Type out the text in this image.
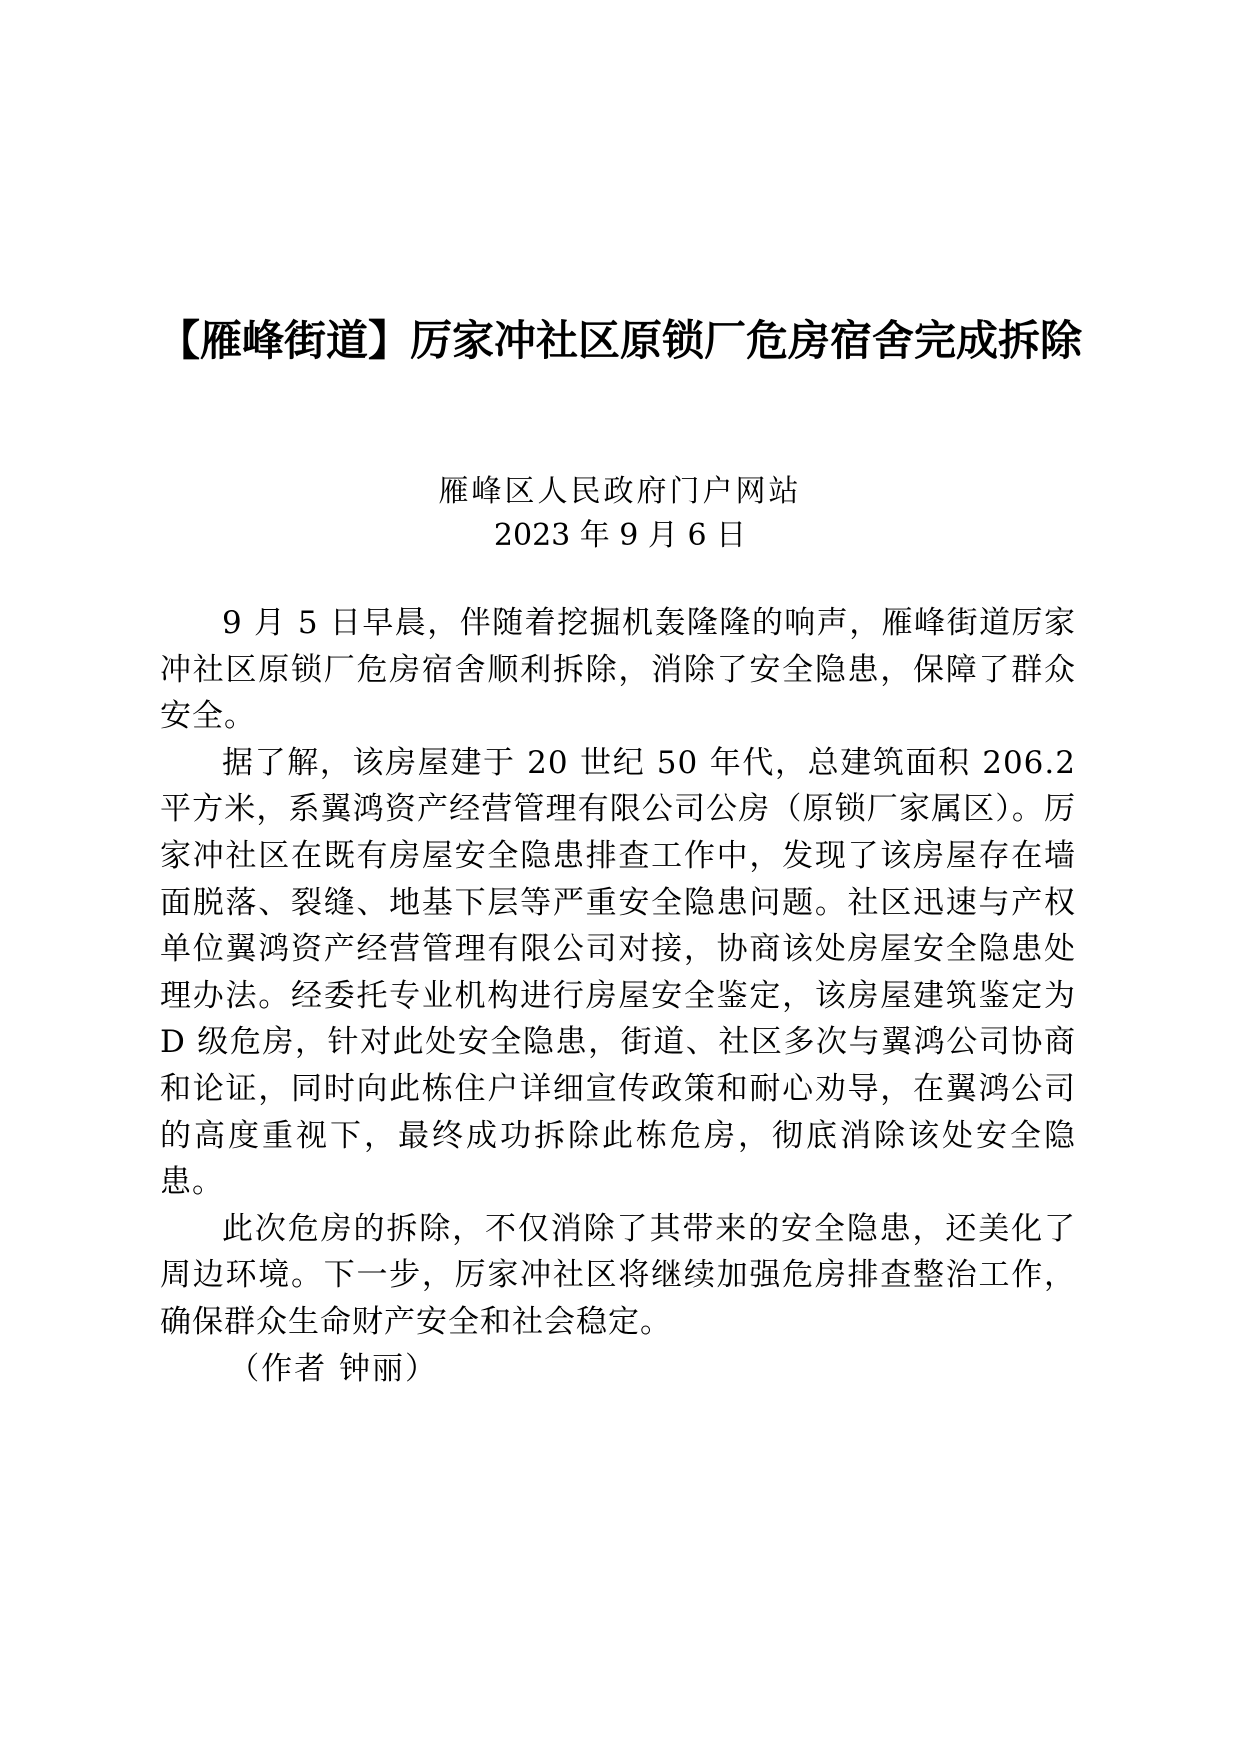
【雁峰街道】厉家冲社区原锁厂危房宿舍完成拆除
雁峰区人民政府门户网站
2023 年 9 月 6 日

9 月 5 日早晨，伴随着挖掘机轰隆隆的响声，雁峰街道厉家冲社区原锁厂危房宿舍顺利拆除，消除了安全隐患，保障了群众安全。

据了解，该房屋建于 20 世纪 50 年代，总建筑面积 206.2 平方米，系翼鸿资产经营管理有限公司公房（原锁厂家属区）。厉家冲社区在既有房屋安全隐患排查工作中，发现了该房屋存在墙面脱落、裂缝、地基下层等严重安全隐患问题。社区迅速与产权单位翼鸿资产经营管理有限公司对接，协商该处房屋安全隐患处理办法。经委托专业机构进行房屋安全鉴定，该房屋建筑鉴定为 D 级危房，针对此处安全隐患，街道、社区多次与翼鸿公司协商和论证，同时向此栋住户详细宣传政策和耐心劝导，在翼鸿公司的高度重视下，最终成功拆除此栋危房，彻底消除该处安全隐患。

此次危房的拆除，不仅消除了其带来的安全隐患，还美化了周边环境。下一步，厉家冲社区将继续加强危房排查整治工作，确保群众生命财产安全和社会稳定。

（作者 钟丽）
